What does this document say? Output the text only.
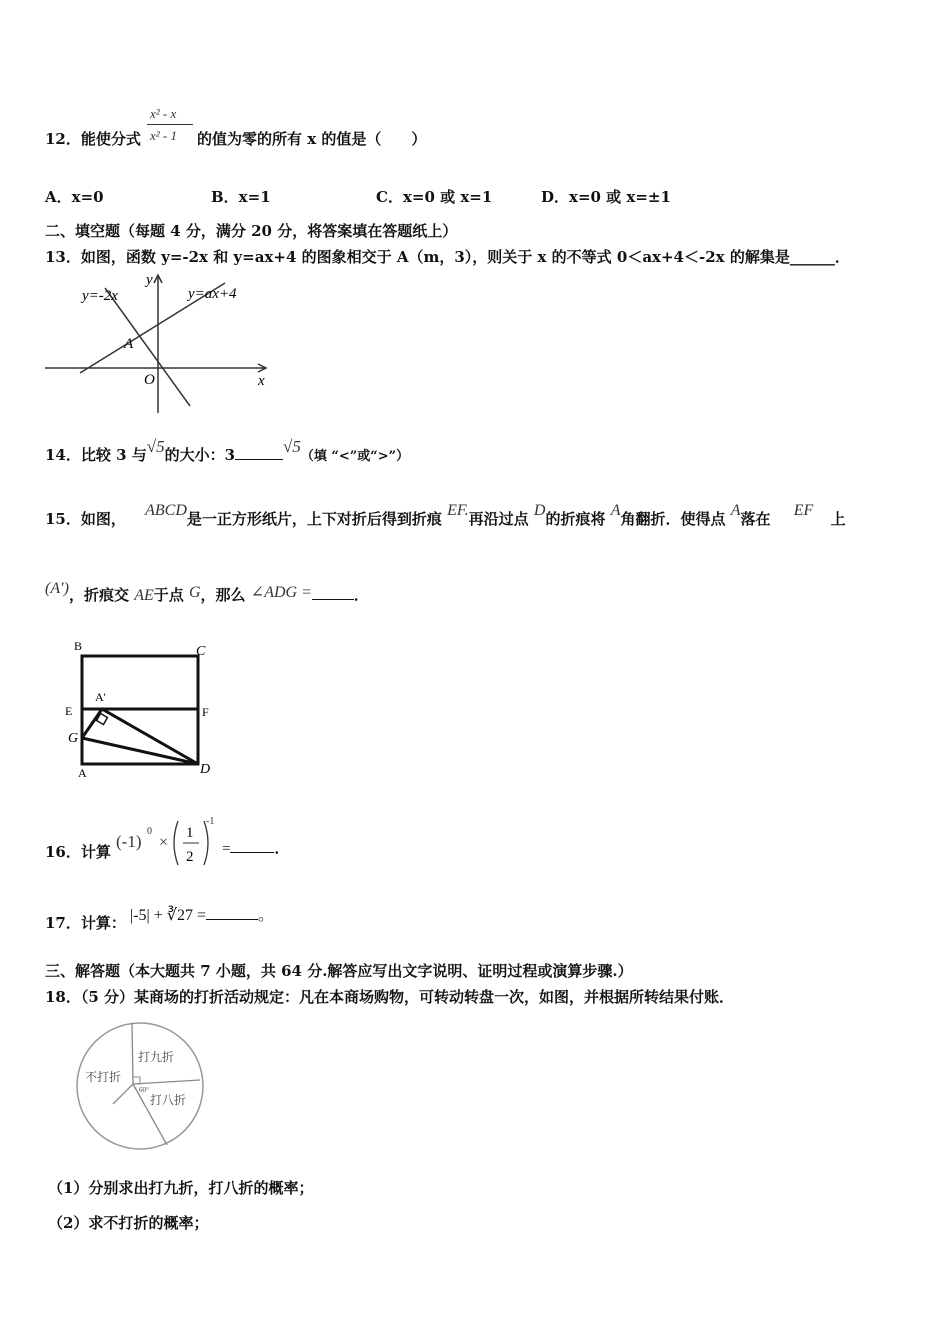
x² - x
x² - 1
12．能使分式	的值为零的所有 x 的值是（　　）
A．x=0	B．x=1	C．x=0 或 x=1	D．x=0 或 x=±1
二、填空题（每题 4 分，满分 20 分，将答案填在答题纸上）
13．如图，函数 y=-2x 和 y=ax+4 的图象相交于 A（m，3），则关于 x 的不等式 0＜ax+4＜-2x 的解集是______．
y=-2x	y=ax+4
A
O	x
y
14．比较 3 与√5的大小：3	√5（填 “<”或“>”）
15．如图， ABCD是一正方形纸片，上下对折后得到折痕 EF.再沿过点 D的折痕将 A角翻折．使得点 A落在 EF 上
(A′)，折痕交 AE于点 G，那么 ∠ADG =	．
B	C
E	F
A'
G
A	D
16．计算
(-1)
0
×
1
2
-1
=	．
17．计算： |-5| + ∛27 =	。
三、解答题（本大题共 7 小题，共 64 分.解答应写出文字说明、证明过程或演算步骤.）
18．（5 分）某商场的打折活动规定：凡在本商场购物，可转动转盘一次，如图，并根据所转结果付账．
打九折
不打折
打八折
60°
（1）分别求出打九折，打八折的概率；
（2）求不打折的概率；
